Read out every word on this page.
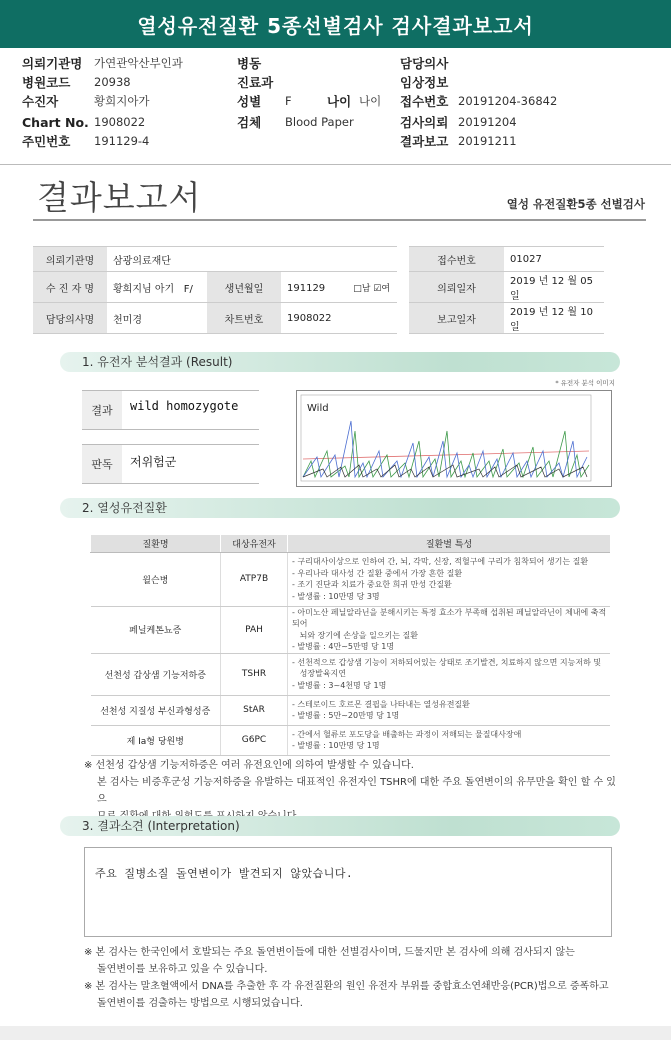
열성유전질환 5종선별검사 검사결과보고서
의뢰기관명 가연관악산부인과
병원코드 20938
수진자	황희지아가
Chart No. 1908022
주민번호 191129-4
병동
진료과
성별 F	나이 나이
검체 Blood Paper
담당의사
임상정보
접수번호 20191204-36842
검사의뢰 20191204
결과보고 20191211
결과보고서	열성 유전질환5종 선별검사
의뢰기관명	삼광의료재단				접수번호	01027
수 진 자 명	황희지님 아기 F/	생년월일	191129 □남 ☑여		의뢰일자	2019 년 12 월 05 일
담당의사명	천미경	차트번호	1908022		보고일자	2019 년 12 월 10 일
1. 유전자 분석결과 (Result)
* 유전자 분석 이미지
결과	wild homozygote
판독	저위험군
Wild
2. 열성유전질환
질환명	대상유전자	질환별 특성
윌슨병	ATP7B	- 구리대사이상으로 인하여 간, 뇌, 각막, 신장, 적혈구에 구리가 침착되어 생기는 질환
- 우리나라 대사성 간 질환 중에서 가장 흔한 질환
- 조기 진단과 치료가 중요한 희귀 만성 간질환
- 발생률 : 10만명 당 3명

페닐케톤뇨증	PAH	- 아미노산 페닐알라닌을 분해시키는 특정 효소가 부족해 섭취된 페닐알라닌이 체내에 축적되어
뇌와 장기에 손상을 일으키는 질환
- 발병률 : 4만~5만명 당 1명

선천성 갑상샘 기능저하증	TSHR	- 선천적으로 갑상샘 기능이 저하되어있는 상태로 조기발견, 치료하지 않으면 지능저하 및
성장발육지연
- 발병률 : 3~4천명 당 1명

선천성 지질성 부신과형성증	StAR	- 스테로이드 호르몬 결핍을 나타내는 열성유전질환
- 발병률 : 5만~20만명 당 1명

제 Ia형 당원병	G6PC	- 간에서 혈류로 포도당을 배출하는 과정이 저해되는 물질대사장애
- 발병률 : 10만명 당 1명
※ 선천성 갑상샘 기능저하증은 여러 유전요인에 의하여 발생할 수 있습니다.
본 검사는 비증후군성 기능저하증을 유발하는 대표적인 유전자인 TSHR에 대한 주요 돌연변이의 유무만을 확인 할 수 있으
3. 결과소견 (Interpretation)
주요 질병소질 돌연변이가 발견되지 않았습니다.
※ 본 검사는 한국인에서 호발되는 주요 돌연변이들에 대한 선별검사이며, 드물지만 본 검사에 의해 검사되지 않는
돌연변이를 보유하고 있을 수 있습니다.
※ 본 검사는 말초혈액에서 DNA를 추출한 후 각 유전질환의 원인 유전자 부위를 중합효소연쇄반응(PCR)법으로 증폭하고
돌연변이를 검출하는 방법으로 시행되었습니다.
